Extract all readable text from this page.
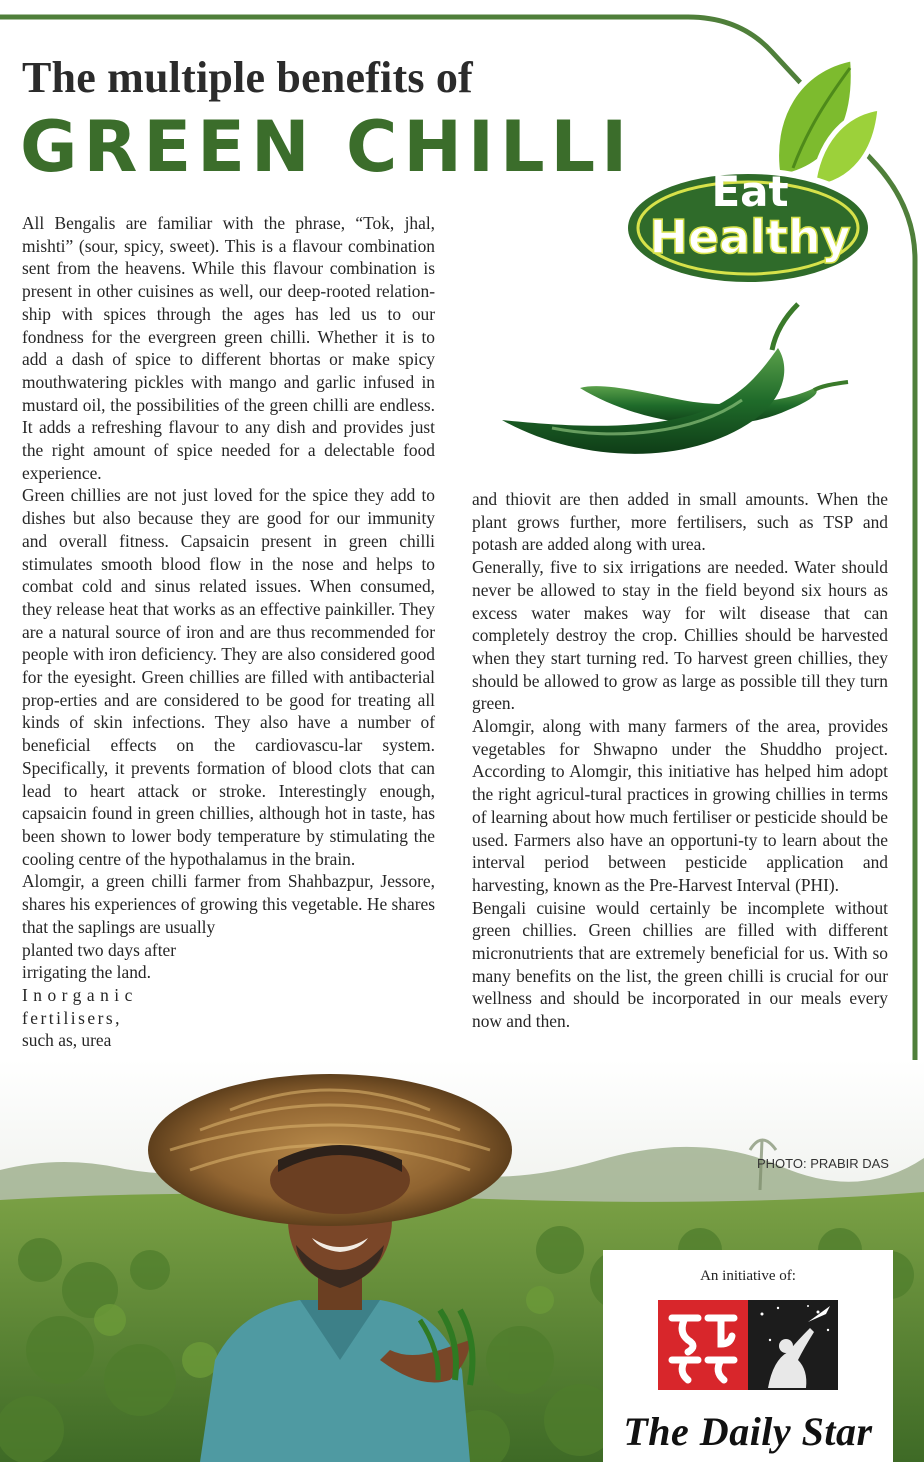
The multiple benefits of
GREEN CHILLI
Eat
Healthy
PHOTO: PRABIR DAS

All Bengalis are familiar with the phrase, “Tok, jhal, mishti” (sour, spicy, sweet). This is a flavour combination sent from the heavens. While this flavour combination is present in other cuisines as well, our deep-rooted relation-ship with spices through the ages has led us to our fondness for the evergreen green chilli. Whether it is to add a dash of spice to different bhortas or make spicy mouthwatering pickles with mango and garlic infused in mustard oil, the possibilities of the green chilli are endless. It adds a refreshing flavour to any dish and provides just the right amount of spice needed for a delectable food experience.

Green chillies are not just loved for the spice they add to dishes but also because they are good for our immunity and overall fitness. Capsaicin present in green chilli stimulates smooth blood flow in the nose and helps to combat cold and sinus related issues. When consumed, they release heat that works as an effective painkiller. They are a natural source of iron and are thus recommended for people with iron deficiency. They are also considered good for the eyesight. Green chillies are filled with antibacterial prop-erties and are considered to be good for treating all kinds of skin infections. They also have a number of beneficial effects on the cardiovascu-lar system. Specifically, it prevents formation of blood clots that can lead to heart attack or stroke. Interestingly enough, capsaicin found in green chillies, although hot in taste, has been shown to lower body temperature by stimulating the cooling centre of the hypothalamus in the brain.

Alomgir, a green chilli farmer from Shahbazpur, Jessore, shares his experiences of growing this vegetable. He shares that the saplings are usually

planted two days after
irrigating the land.
Inorganic
fertilisers,
such as, urea

and thiovit are then added in small amounts. When the plant grows further, more fertilisers, such as TSP and potash are added along with urea.

Generally, five to six irrigations are needed. Water should never be allowed to stay in the field beyond six hours as excess water makes way for wilt disease that can completely destroy the crop. Chillies should be harvested when they start turning red. To harvest green chillies, they should be allowed to grow as large as possible till they turn green.

Alomgir, along with many farmers of the area, provides vegetables for Shwapno under the Shuddho project. According to Alomgir, this initiative has helped him adopt the right agricul-tural practices in growing chillies in terms of learning about how much fertiliser or pesticide should be used. Farmers also have an opportuni-ty to learn about the interval period between pesticide application and harvesting, known as the Pre-Harvest Interval (PHI).

Bengali cuisine would certainly be incomplete without green chillies. Green chillies are filled with different micronutrients that are extremely beneficial for us. With so many benefits on the list, the green chilli is crucial for our wellness and should be incorporated in our meals every now and then.

An initiative of:
The Daily Star
